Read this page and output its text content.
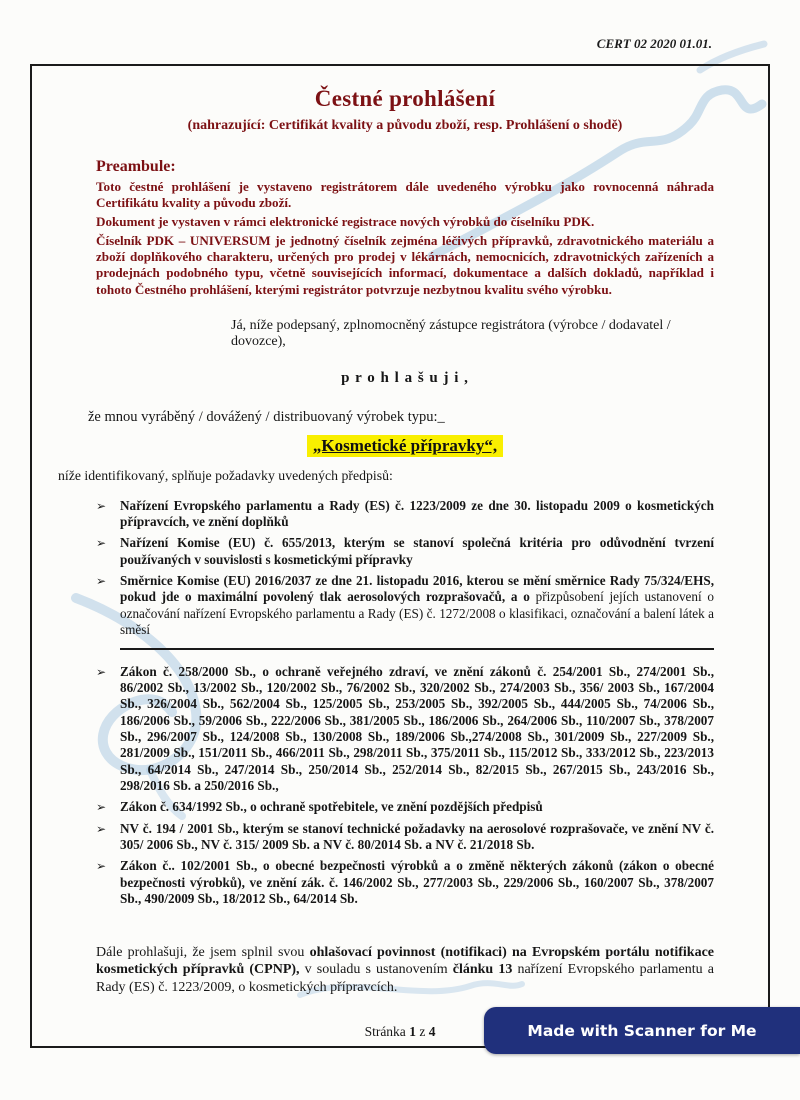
CERT 02 2020 01.01.
Čestné prohlášení
(nahrazující: Certifikát kvality a původu zboží, resp. Prohlášení o shodě)
Preambule:

Toto čestné prohlášení je vystaveno registrátorem dále uvedeného výrobku jako rovnocenná náhrada Certifikátu kvality a původu zboží.

Dokument je vystaven v rámci elektronické registrace nových výrobků do číselníku PDK.

Číselník PDK – UNIVERSUM je jednotný číselník zejména léčivých přípravků, zdravotnického materiálu a zboží doplňkového charakteru, určených pro prodej v lékárnách, nemocnicích, zdravotnických zařízeních a prodejnách podobného typu, včetně souvisejících informací, dokumentace a dalších dokladů, například i tohoto Čestného prohlášení, kterými registrátor potvrzuje nezbytnou kvalitu svého výrobku.

Já, níže podepsaný, zplnomocněný zástupce registrátora (výrobce / dodavatel / dovozce),
p r o h l a š u j i ,
že mnou vyráběný / dovážený / distribuovaný výrobek typu:_
„Kosmetické přípravky“,
níže identifikovaný, splňuje požadavky uvedených předpisů:
➢	Nařízení Evropského parlamentu a Rady (ES) č. 1223/2009 ze dne 30. listopadu 2009 o kosmetických přípravcích, ve znění doplňků
➢	Nařízení Komise (EU) č. 655/2013, kterým se stanoví společná kritéria pro odůvodnění tvrzení používaných v souvislosti s kosmetickými přípravky
➢	Směrnice Komise (EU) 2016/2037 ze dne 21. listopadu 2016, kterou se mění směrnice Rady 75/324/EHS, pokud jde o maximální povolený tlak aerosolových rozprašovačů, a o přizpůsobení jejích ustanovení o označování nařízení Evropského parlamentu a Rady (ES) č. 1272/2008 o klasifikaci, označování a balení látek a směsí
➢	Zákon č. 258/2000 Sb., o ochraně veřejného zdraví, ve znění zákonů č. 254/2001 Sb., 274/2001 Sb., 86/2002 Sb., 13/2002 Sb., 120/2002 Sb., 76/2002 Sb., 320/2002 Sb., 274/2003 Sb., 356/ 2003 Sb., 167/2004 Sb., 326/2004 Sb., 562/2004 Sb., 125/2005 Sb., 253/2005 Sb., 392/2005 Sb., 444/2005 Sb., 74/2006 Sb., 186/2006 Sb., 59/2006 Sb., 222/2006 Sb., 381/2005 Sb., 186/2006 Sb., 264/2006 Sb., 110/2007 Sb., 378/2007 Sb., 296/2007 Sb., 124/2008 Sb., 130/2008 Sb., 189/2006 Sb.,274/2008 Sb., 301/2009 Sb., 227/2009 Sb., 281/2009 Sb., 151/2011 Sb., 466/2011 Sb., 298/2011 Sb., 375/2011 Sb., 115/2012 Sb., 333/2012 Sb., 223/2013 Sb., 64/2014 Sb., 247/2014 Sb., 250/2014 Sb., 252/2014 Sb., 82/2015 Sb., 267/2015 Sb., 243/2016 Sb., 298/2016 Sb. a 250/2016 Sb.,
➢	Zákon č. 634/1992 Sb., o ochraně spotřebitele, ve znění pozdějších předpisů
➢	NV č. 194 / 2001 Sb., kterým se stanoví technické požadavky na aerosolové rozprašovače, ve znění NV č. 305/ 2006 Sb., NV č. 315/ 2009 Sb. a NV č. 80/2014 Sb. a NV č. 21/2018 Sb.
➢	Zákon č.. 102/2001 Sb., o obecné bezpečnosti výrobků a o změně některých zákonů (zákon o obecné bezpečnosti výrobků), ve znění zák. č. 146/2002 Sb., 277/2003 Sb., 229/2006 Sb., 160/2007 Sb., 378/2007 Sb., 490/2009 Sb., 18/2012 Sb., 64/2014 Sb.

Dále prohlašuji, že jsem splnil svou ohlašovací povinnost (notifikaci) na Evropském portálu notifikace kosmetických přípravků (CPNP), v souladu s ustanovením článku 13 nařízení Evropského parlamentu a Rady (ES) č. 1223/2009, o kosmetických přípravcích.

Stránka 1 z 4	Made with Scanner for Me
